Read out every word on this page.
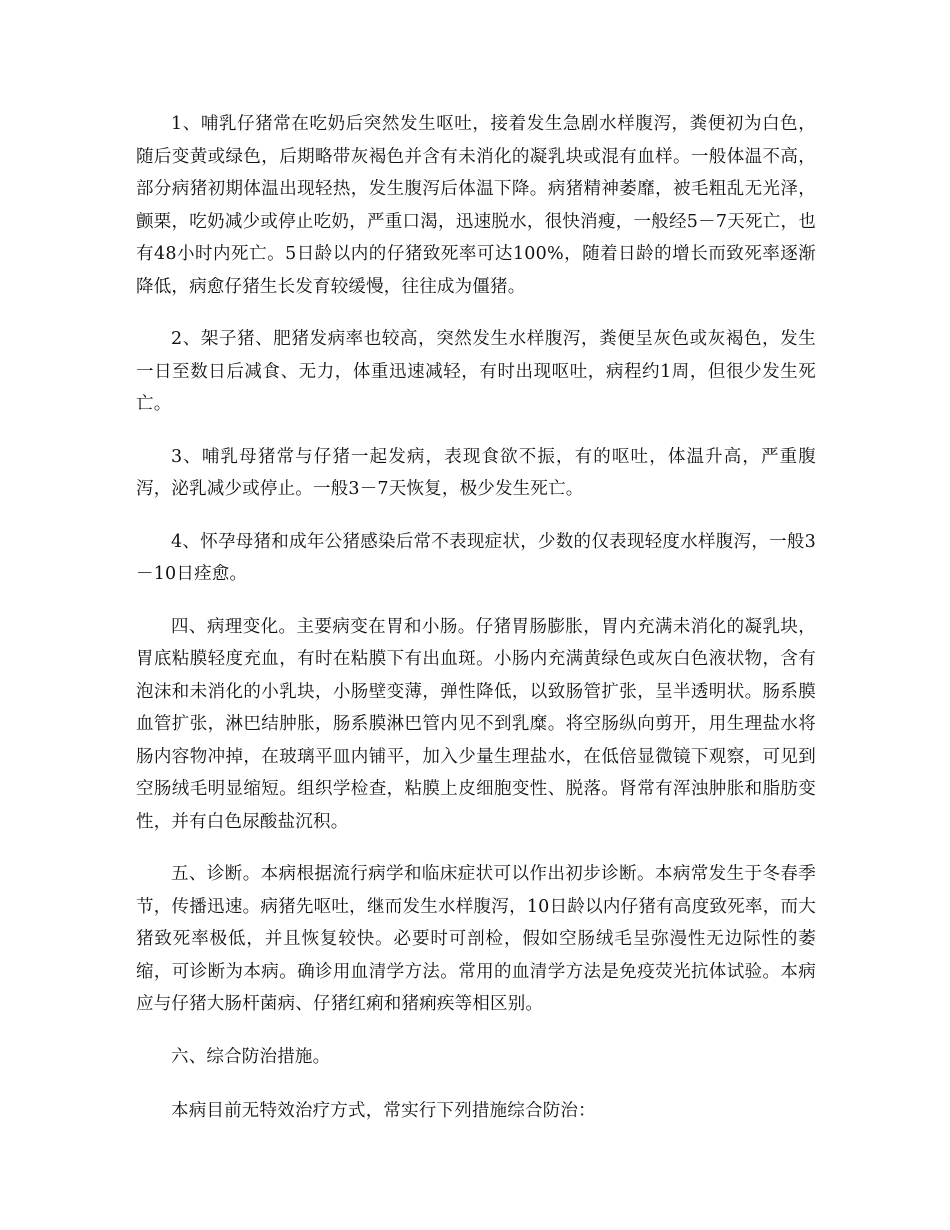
1、哺乳仔猪常在吃奶后突然发生呕吐，接着发生急剧水样腹泻，粪便初为白色，随后变黄或绿色，后期略带灰褐色并含有未消化的凝乳块或混有血样。一般体温不高，部分病猪初期体温出现轻热，发生腹泻后体温下降。病猪精神萎靡，被毛粗乱无光泽，颤栗，吃奶减少或停止吃奶，严重口渴，迅速脱水，很快消瘦，一般经5－7天死亡，也有48小时内死亡。5日龄以内的仔猪致死率可达100%，随着日龄的增长而致死率逐渐降低，病愈仔猪生长发育较缓慢，往往成为僵猪。

2、架子猪、肥猪发病率也较高，突然发生水样腹泻，粪便呈灰色或灰褐色，发生一日至数日后减食、无力，体重迅速减轻，有时出现呕吐，病程约1周，但很少发生死亡。

3、哺乳母猪常与仔猪一起发病，表现食欲不振，有的呕吐，体温升高，严重腹泻，泌乳减少或停止。一般3－7天恢复，极少发生死亡。

4、怀孕母猪和成年公猪感染后常不表现症状，少数的仅表现轻度水样腹泻，一般3－10日痊愈。

四、病理变化。主要病变在胃和小肠。仔猪胃肠膨胀，胃内充满未消化的凝乳块，胃底粘膜轻度充血，有时在粘膜下有出血斑。小肠内充满黄绿色或灰白色液状物，含有泡沫和未消化的小乳块，小肠壁变薄，弹性降低，以致肠管扩张，呈半透明状。肠系膜血管扩张，淋巴结肿胀，肠系膜淋巴管内见不到乳糜。将空肠纵向剪开，用生理盐水将肠内容物冲掉，在玻璃平皿内铺平，加入少量生理盐水，在低倍显微镜下观察，可见到空肠绒毛明显缩短。组织学检查，粘膜上皮细胞变性、脱落。肾常有浑浊肿胀和脂肪变性，并有白色尿酸盐沉积。

五、诊断。本病根据流行病学和临床症状可以作出初步诊断。本病常发生于冬春季节，传播迅速。病猪先呕吐，继而发生水样腹泻，10日龄以内仔猪有高度致死率，而大猪致死率极低，并且恢复较快。必要时可剖检，假如空肠绒毛呈弥漫性无边际性的萎缩，可诊断为本病。确诊用血清学方法。常用的血清学方法是免疫荧光抗体试验。本病应与仔猪大肠杆菌病、仔猪红痢和猪痢疾等相区别。

六、综合防治措施。

本病目前无特效治疗方式，常实行下列措施综合防治：
